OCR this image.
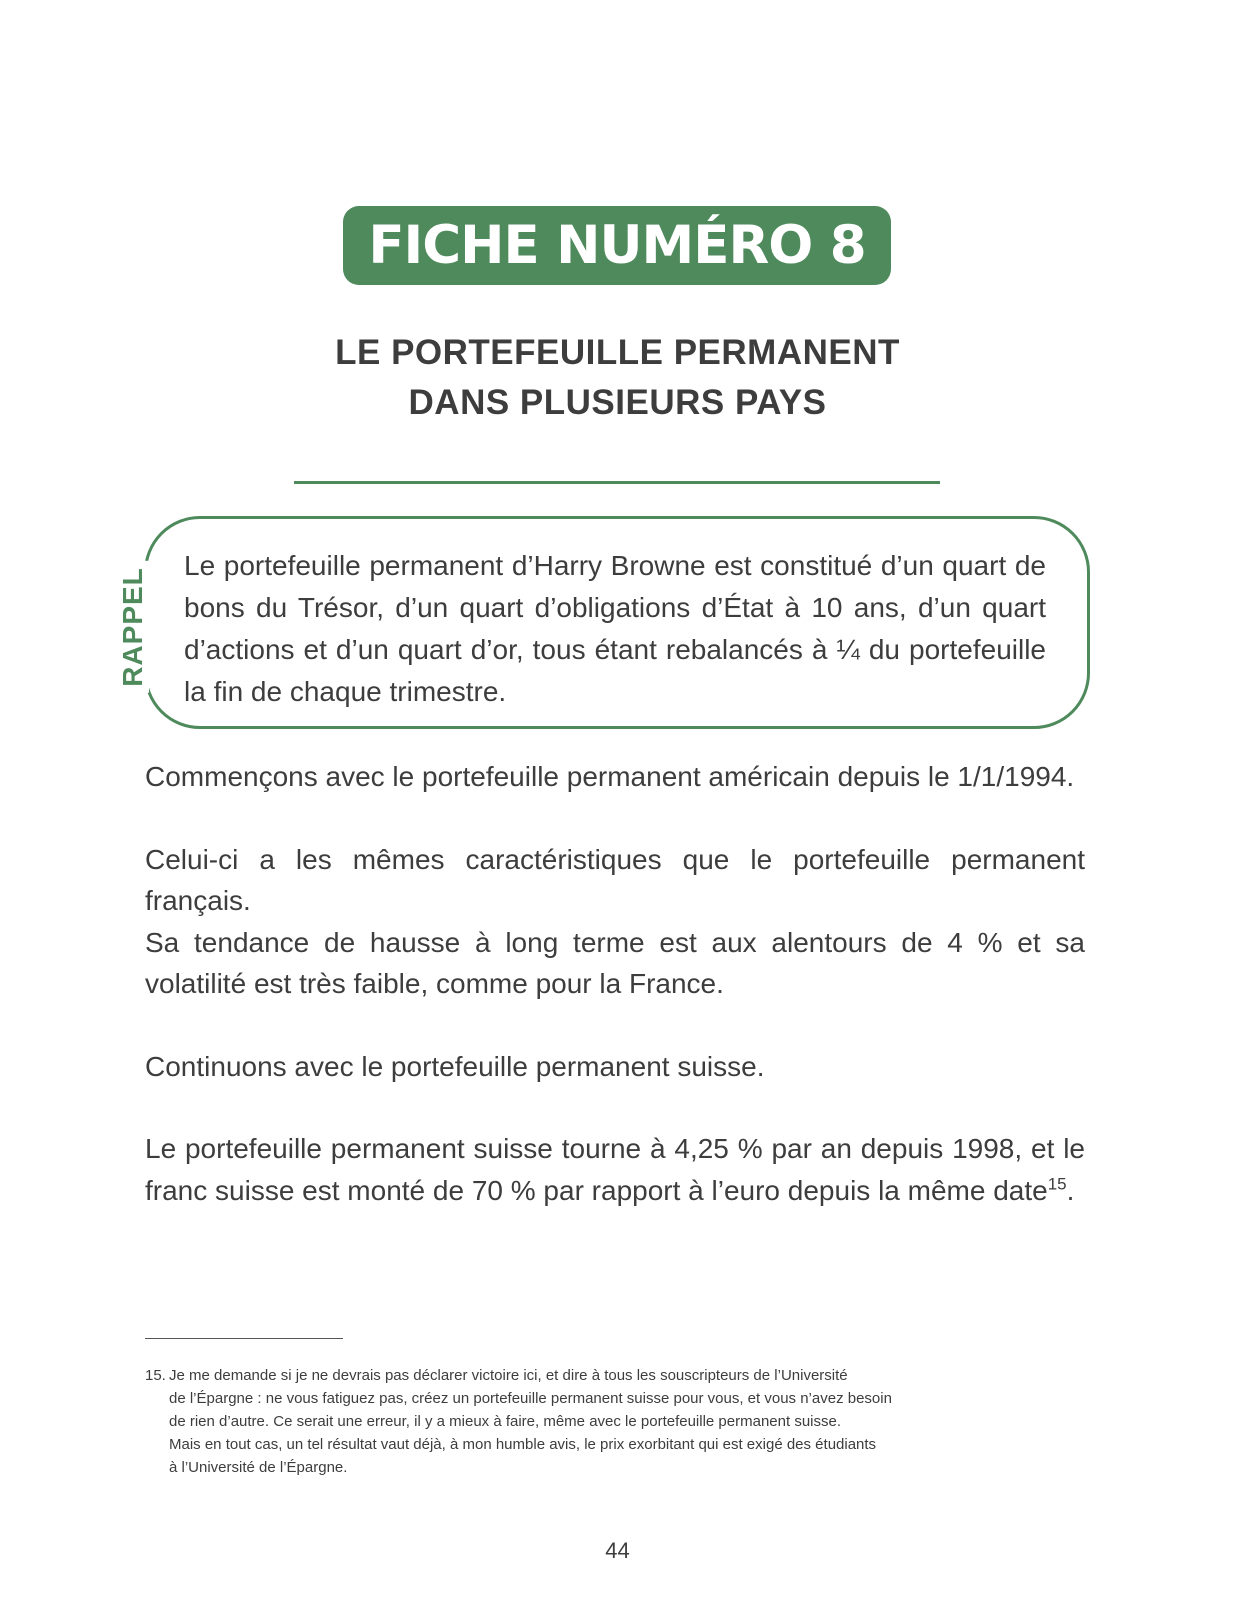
FICHE NUMÉRO 8
LE PORTEFEUILLE PERMANENT
DANS PLUSIEURS PAYS
RAPPEL
Le portefeuille permanent d’Harry Browne est constitué d’un quart de bons du Trésor, d’un quart d’obligations d’État à 10 ans, d’un quart d’actions et d’un quart d’or, tous étant rebalancés à ¼ du portefeuille la fin de chaque trimestre.

Commençons avec le portefeuille permanent américain depuis le 1/1/1994.

Celui-ci a les mêmes caractéristiques que le portefeuille permanent français.

Sa tendance de hausse à long terme est aux alentours de 4 % et sa volatilité est très faible, comme pour la France.

Continuons avec le portefeuille permanent suisse.

Le portefeuille permanent suisse tourne à 4,25 % par an depuis 1998, et le franc suisse est monté de 70 % par rapport à l’euro depuis la même date$^{15}$.

15. Je me demande si je ne devrais pas déclarer victoire ici, et dire à tous les souscripteurs de l’Université
de l’Épargne : ne vous fatiguez pas, créez un portefeuille permanent suisse pour vous, et vous n’avez besoin
de rien d’autre. Ce serait une erreur, il y a mieux à faire, même avec le portefeuille permanent suisse.
Mais en tout cas, un tel résultat vaut déjà, à mon humble avis, le prix exorbitant qui est exigé des étudiants
à l’Université de l’Épargne.
44
